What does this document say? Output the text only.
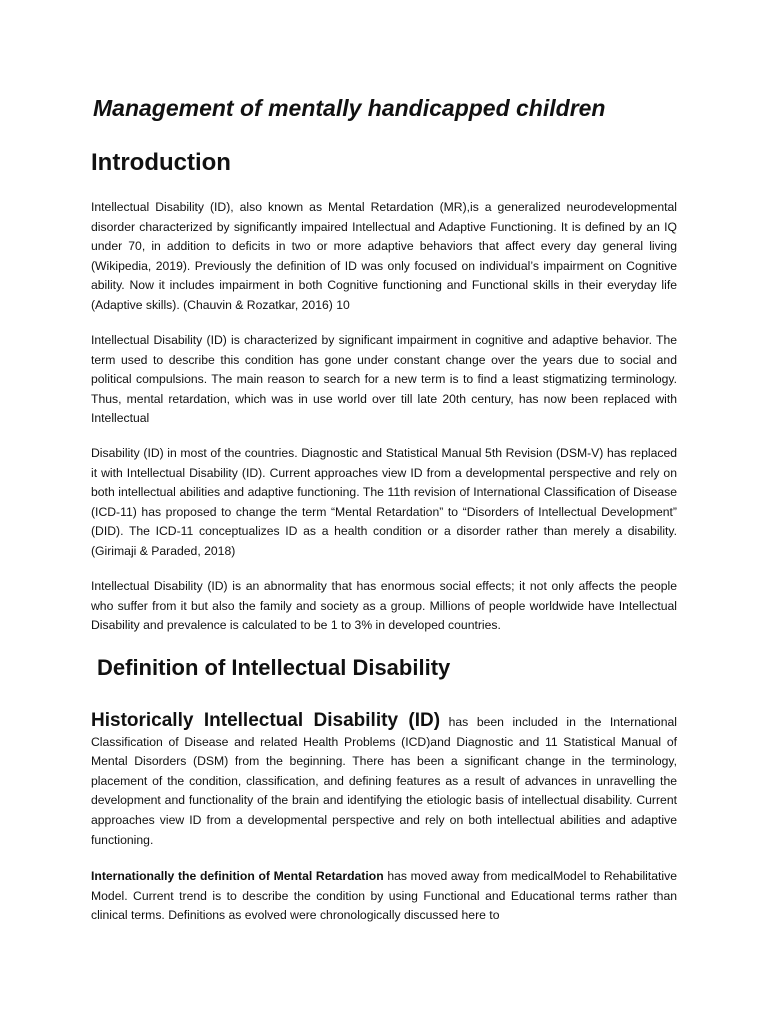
Management of mentally handicapped children
Introduction

Intellectual Disability (ID), also known as Mental Retardation (MR),is a generalized neurodevelopmental disorder characterized by significantly impaired Intellectual and Adaptive Functioning. It is defined by an IQ under 70, in addition to deficits in two or more adaptive behaviors that affect every day general living (Wikipedia, 2019). Previously the definition of ID was only focused on individual’s impairment on Cognitive ability. Now it includes impairment in both Cognitive functioning and Functional skills in their everyday life (Adaptive skills). (Chauvin & Rozatkar, 2016) 10

Intellectual Disability (ID) is characterized by significant impairment in cognitive and adaptive behavior. The term used to describe this condition has gone under constant change over the years due to social and political compulsions. The main reason to search for a new term is to find a least stigmatizing terminology. Thus, mental retardation, which was in use world over till late 20th century, has now been replaced with Intellectual

Disability (ID) in most of the countries. Diagnostic and Statistical Manual 5th Revision (DSM-V) has replaced it with Intellectual Disability (ID). Current approaches view ID from a developmental perspective and rely on both intellectual abilities and adaptive functioning. The 11th revision of International Classification of Disease (ICD-11) has proposed to change the term “Mental Retardation” to “Disorders of Intellectual Development” (DID). The ICD-11 conceptualizes ID as a health condition or a disorder rather than merely a disability. (Girimaji & Paraded, 2018)

Intellectual Disability (ID) is an abnormality that has enormous social effects; it not only affects the people who suffer from it but also the family and society as a group. Millions of people worldwide have Intellectual Disability and prevalence is calculated to be 1 to 3% in developed countries.

Definition of Intellectual Disability

Historically Intellectual Disability (ID) has been included in the International Classification of Disease and related Health Problems (ICD)and Diagnostic and 11 Statistical Manual of Mental Disorders (DSM) from the beginning. There has been a significant change in the terminology, placement of the condition, classification, and defining features as a result of advances in unravelling the development and functionality of the brain and identifying the etiologic basis of intellectual disability. Current approaches view ID from a developmental perspective and rely on both intellectual abilities and adaptive functioning.

Internationally the definition of Mental Retardation has moved away from medicalModel to Rehabilitative Model. Current trend is to describe the condition by using Functional and Educational terms rather than clinical terms. Definitions as evolved were chronologically discussed here to
